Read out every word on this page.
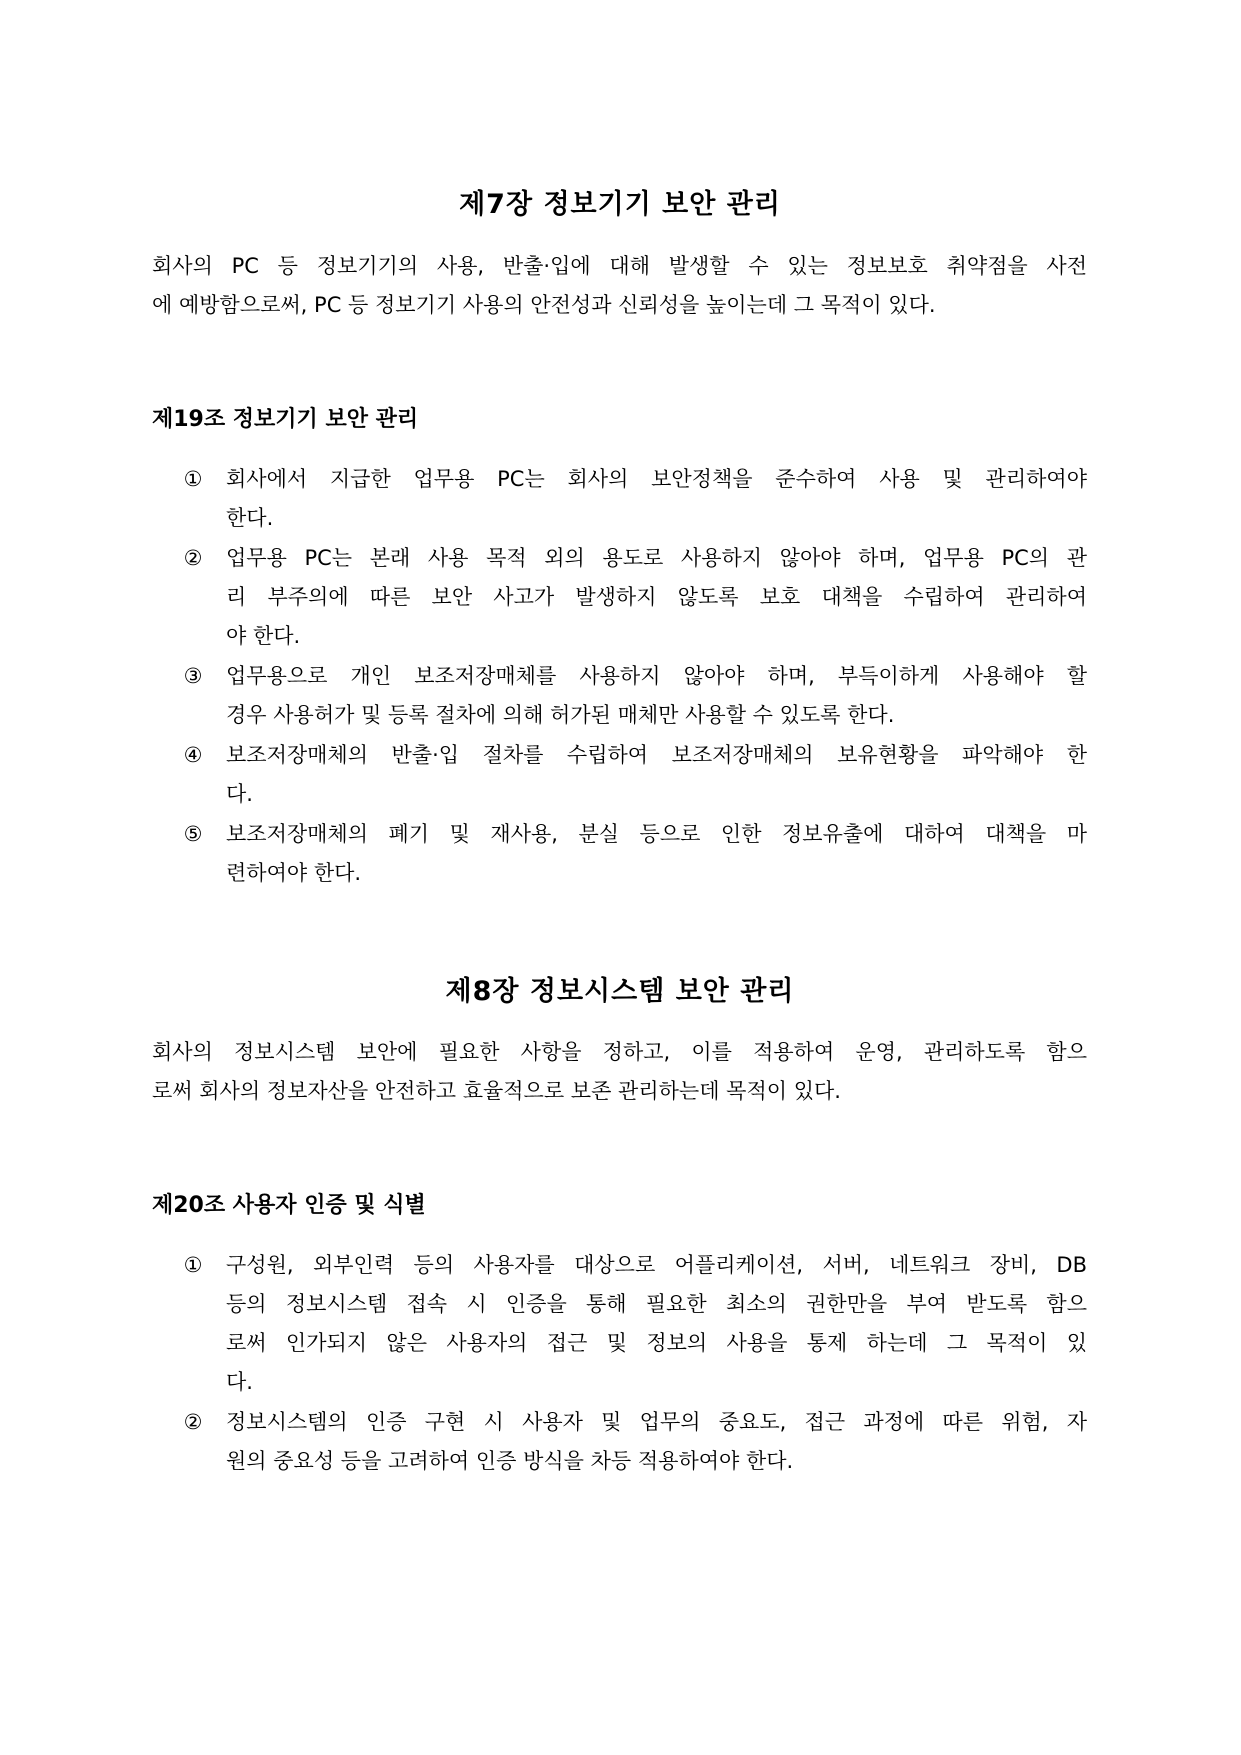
제7장 정보기기 보안 관리
회사의 PC 등 정보기기의 사용, 반출·입에 대해 발생할 수 있는 정보보호 취약점을 사전
에 예방함으로써, PC 등 정보기기 사용의 안전성과 신뢰성을 높이는데 그 목적이 있다.
제19조 정보기기 보안 관리
① 회사에서 지급한 업무용 PC는 회사의 보안정책을 준수하여 사용 및 관리하여야
한다.
② 업무용 PC는 본래 사용 목적 외의 용도로 사용하지 않아야 하며, 업무용 PC의 관
리 부주의에 따른 보안 사고가 발생하지 않도록 보호 대책을 수립하여 관리하여
야 한다.
③ 업무용으로 개인 보조저장매체를 사용하지 않아야 하며, 부득이하게 사용해야 할
경우 사용허가 및 등록 절차에 의해 허가된 매체만 사용할 수 있도록 한다.
④ 보조저장매체의 반출·입 절차를 수립하여 보조저장매체의 보유현황을 파악해야 한
다.
⑤ 보조저장매체의 폐기 및 재사용, 분실 등으로 인한 정보유출에 대하여 대책을 마
련하여야 한다.
제8장 정보시스템 보안 관리
회사의 정보시스템 보안에 필요한 사항을 정하고, 이를 적용하여 운영, 관리하도록 함으
로써 회사의 정보자산을 안전하고 효율적으로 보존 관리하는데 목적이 있다.
제20조 사용자 인증 및 식별
① 구성원, 외부인력 등의 사용자를 대상으로 어플리케이션, 서버, 네트워크 장비, DB
등의 정보시스템 접속 시 인증을 통해 필요한 최소의 권한만을 부여 받도록 함으
로써 인가되지 않은 사용자의 접근 및 정보의 사용을 통제 하는데 그 목적이 있
다.
② 정보시스템의 인증 구현 시 사용자 및 업무의 중요도, 접근 과정에 따른 위험, 자
원의 중요성 등을 고려하여 인증 방식을 차등 적용하여야 한다.
